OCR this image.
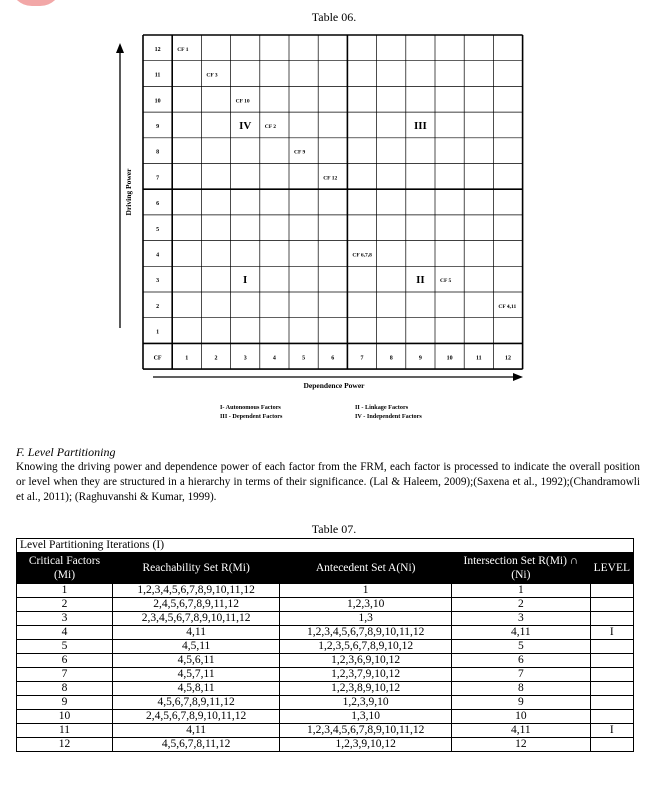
Table 06.
12
11
10
9
8
7
6
5
4
3
2
1
CF	1	2	3	4	5	6	7	8	9	10	11	12
CF 1
CF 3
CF 10
CF 2
CF 9
CF 12
CF 6,7,8
CF 5
CF 4,11
IV	III
I	II
Driving Power
Dependence Power
I- Autonomous Factors	II - Linkage Factors
III - Dependent Factors	IV - Independent Factors
F. Level Partitioning
Knowing the driving power and dependence power of each factor from the FRM, each factor is processed to indicate the overall position or level when they are structured in a hierarchy in terms of their significance. (Lal & Haleem, 2009);(Saxena et al., 1992);(Chandramowli et al., 2011); (Raghuvanshi & Kumar, 1999).
Table 07.
Level Partitioning Iterations (I)				
Critical Factors (Mi)	Reachability Set R(Mi)	Antecedent Set A(Ni)	Intersection Set R(Mi) ∩ (Ni)	LEVEL
1	1,2,3,4,5,6,7,8,9,10,11,12	1	1	
2	2,4,5,6,7,8,9,11,12	1,2,3,10	2	
3	2,3,4,5,6,7,8,9,10,11,12	1,3	3	
4	4,11	1,2,3,4,5,6,7,8,9,10,11,12	4,11	I
5	4,5,11	1,2,3,5,6,7,8,9,10,12	5	
6	4,5,6,11	1,2,3,6,9,10,12	6	
7	4,5,7,11	1,2,3,7,9,10,12	7	
8	4,5,8,11	1,2,3,8,9,10,12	8	
9	4,5,6,7,8,9,11,12	1,2,3,9,10	9	
10	2,4,5,6,7,8,9,10,11,12	1,3,10	10	
11	4,11	1,2,3,4,5,6,7,8,9,10,11,12	4,11	I
12	4,5,6,7,8,11,12	1,2,3,9,10,12	12	
